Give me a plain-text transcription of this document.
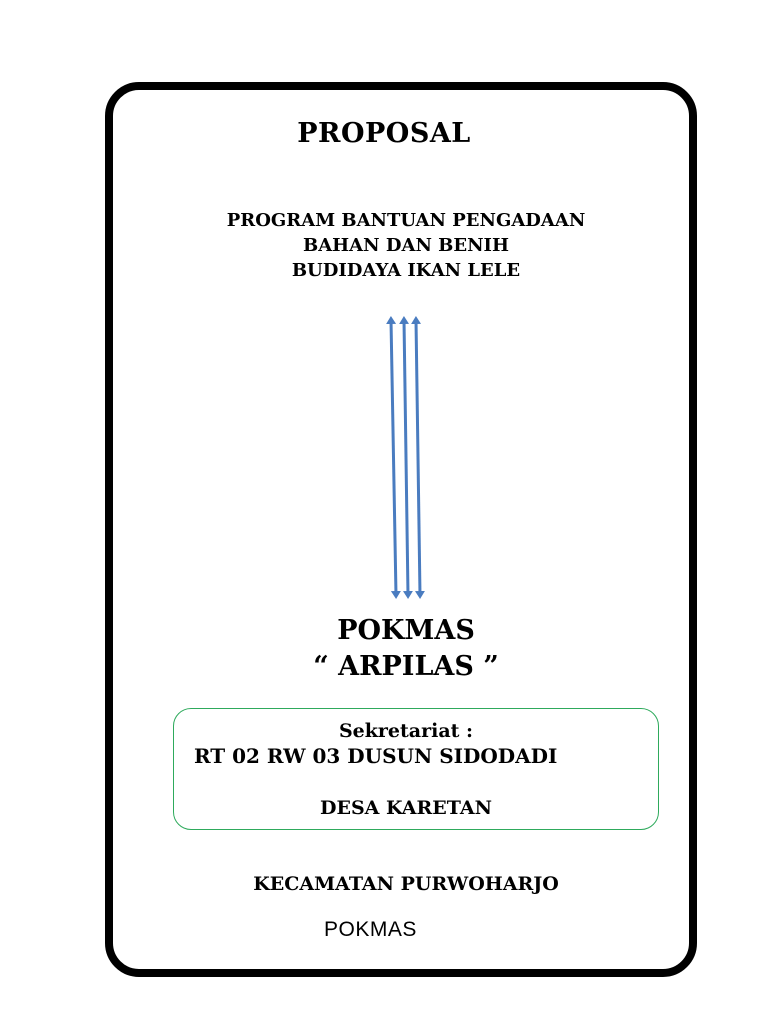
PROPOSAL
PROGRAM BANTUAN PENGADAAN
BAHAN DAN BENIH
BUDIDAYA IKAN LELE
POKMAS
“ ARPILAS ”
Sekretariat :
RT 02 RW 03 DUSUN SIDODADI
DESA KARETAN
KECAMATAN PURWOHARJO
POKMAS
